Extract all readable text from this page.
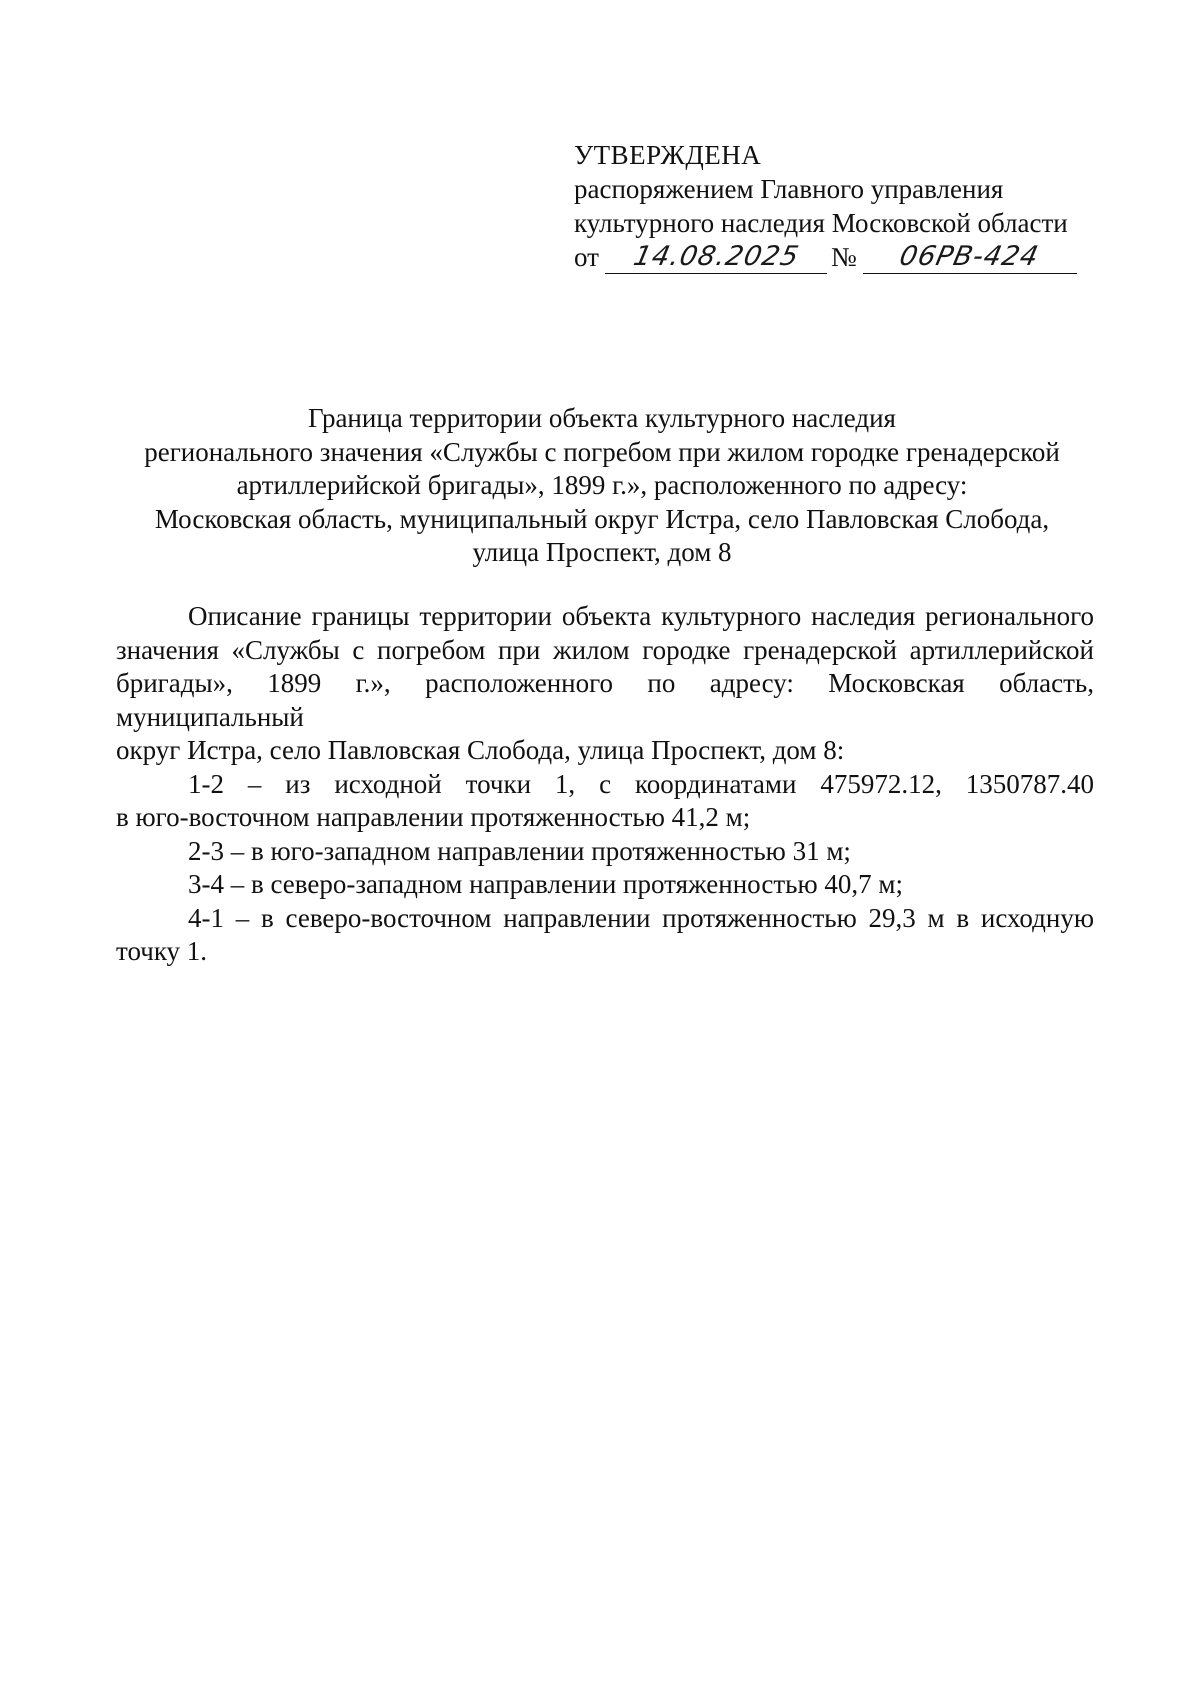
УТВЕРЖДЕНА
распоряжением Главного управления
культурного наследия Московской области
от	14.08.2025	№	06РВ-424
Граница территории объекта культурного наследия
регионального значения «Службы с погребом при жилом городке гренадерской
артиллерийской бригады», 1899 г.», расположенного по адресу:
Московская область, муниципальный округ Истра, село Павловская Слобода,
улица Проспект, дом 8
Описание границы территории объекта культурного наследия регионального
значения «Службы с погребом при жилом городке гренадерской артиллерийской
бригады», 1899 г.», расположенного по адресу: Московская область, муниципальный
округ Истра, село Павловская Слобода, улица Проспект, дом 8:
1-2 – из исходной точки 1, с координатами 475972.12, 1350787.40
в юго-восточном направлении протяженностью 41,2 м;
2-3 – в юго-западном направлении протяженностью 31 м;
3-4 – в северо-западном направлении протяженностью 40,7 м;
4-1 – в северо-восточном направлении протяженностью 29,3 м в исходную
точку 1.
